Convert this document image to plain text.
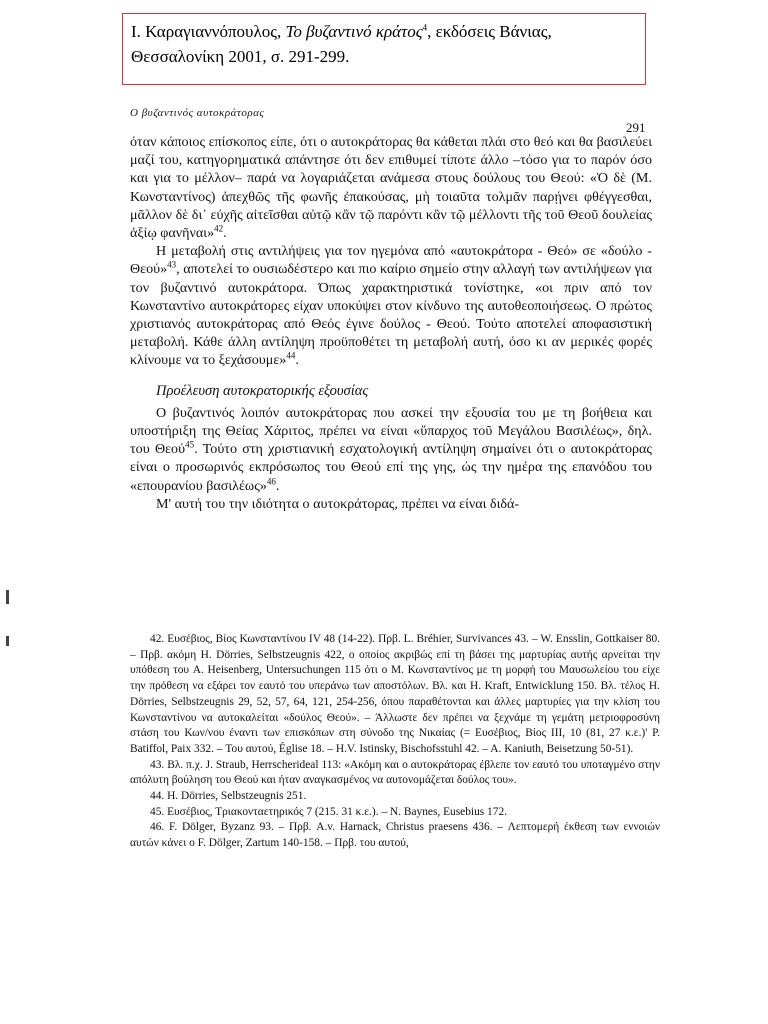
Ι. Καραγιαννόπουλος, Το βυζαντινό κράτος$^4$, εκδόσεις Βάνιας,
Θεσσαλονίκη 2001, σ. 291-299.
Ο βυζαντινός αυτοκράτορας
291

όταν κάποιος επίσκοπος είπε, ότι ο αυτοκράτορας θα κάθεται πλάι στο θεό και θα βασιλεύει μαζί του, κατηγορηματικά απάντησε ότι δεν επιθυμεί τίποτε άλλο –τόσο για το παρόν όσο και για το μέλλον– παρά να λογαριάζεται ανάμεσα στους δούλους του Θεού: «Ὁ δὲ (Μ. Κωνσταντίνος) ἀπεχθῶς τῆς φωνῆς ἐπακούσας, μὴ τοιαῦτα τολμᾶν παρῄνει φθέγγεσθαι, μᾶλλον δὲ δι᾽ εὐχῆς αἰτεῖσθαι αὐτῷ κἂν τῷ παρόντι κἂν τῷ μέλλοντι τῆς τοῦ Θεοῦ δουλείας ἀξίῳ φανῆναι»$^{42}$.

Η μεταβολή στις αντιλήψεις για τον ηγεμόνα από «αυτοκράτορα - Θεό» σε «δούλο - Θεού»$^{43}$, αποτελεί το ουσιωδέστερο και πιο καίριο σημείο στην αλλαγή των αντιλήψεων για τον βυζαντινό αυτοκράτορα. Όπως χαρακτηριστικά τονίστηκε, «οι πριν από τον Κωνσταντίνο αυτοκράτορες είχαν υποκύψει στον κίνδυνο της αυτοθεοποιήσεως. Ο πρώτος χριστιανός αυτοκράτορας από Θεός έγινε δούλος - Θεού. Τούτο αποτελεί αποφασιστική μεταβολή. Κάθε άλλη αντίληψη προϋποθέτει τη μεταβολή αυτή, όσο κι αν μερικές φορές κλίνουμε να το ξεχάσουμε»$^{44}$.

Προέλευση αυτοκρατορικής εξουσίας

Ο βυζαντινός λοιπόν αυτοκράτορας που ασκεί την εξουσία του με τη βοήθεια και υποστήριξη της Θείας Χάριτος, πρέπει να είναι «ὕπαρχος τοῦ Μεγάλου Βασιλέως», δηλ. του Θεού$^{45}$. Τούτο στη χριστιανική εσχατολογική αντίληψη σημαίνει ότι ο αυτοκράτορας είναι ο προσωρινός εκπρόσωπος του Θεού επί της γης, ώς την ημέρα της επανόδου του «επουρανίου βασιλέως»$^{46}$.

Μ' αυτή του την ιδιότητα ο αυτοκράτορας, πρέπει να είναι διδά-

42. Ευσέβιος, Βίος Κωνσταντίνου IV 48 (14-22). Πρβ. L. Bréhier, Survivances 43. – W. Ensslin, Gottkaiser 80. – Πρβ. ακόμη H. Dörries, Selbstzeugnis 422, ο οποίος ακριβώς επί τη βάσει της μαρτυρίας αυτής αρνείται την υπόθεση του A. Heisenberg, Untersuchungen 115 ότι ο Μ. Κωνσταντίνος με τη μορφή του Μαυσωλείου του είχε την πρόθεση να εξάρει τον εαυτό του υπεράνω των αποστόλων. Βλ. και H. Kraft, Entwicklung 150. Βλ. τέλος H. Dörries, Selbstzeugnis 29, 52, 57, 64, 121, 254-256, όπου παραθέτονται και άλλες μαρτυρίες για την κλίση του Κωνσταντίνου να αυτοκαλείται «δούλος Θεού». – Άλλωστε δεν πρέπει να ξεχνάμε τη γεμάτη μετριοφροσύνη στάση του Κων/νου έναντι των επισκόπων στη σύνοδο της Νικαίας (= Ευσέβιος, Βίος ΙΙΙ, 10 (81, 27 κ.ε.)' P. Batiffol, Paix 332. – Του αυτού, Église 18. – H.V. Istinsky, Bischofsstuhl 42. – A. Kaniuth, Beisetzung 50-51).

43. Βλ. π.χ. J. Straub, Herrscherideal 113: «Ακόμη και ο αυτοκράτορας έβλεπε τον εαυτό του υποταγμένο στην απόλυτη βούληση του Θεού και ήταν αναγκασμένος να αυτονομάζεται δούλος του».

44. H. Dörries, Selbstzeugnis 251.

45. Ευσέβιος, Τριακονταετηρικός 7 (215. 31 κ.ε.). – N. Baynes, Eusebius 172.

46. F. Dölger, Byzanz 93. – Πρβ. A.v. Harnack, Christus praesens 436. – Λεπτομερή έκθεση των εννοιών αυτών κάνει ο F. Dölger, Zartum 140-158. – Πρβ. του αυτού,
